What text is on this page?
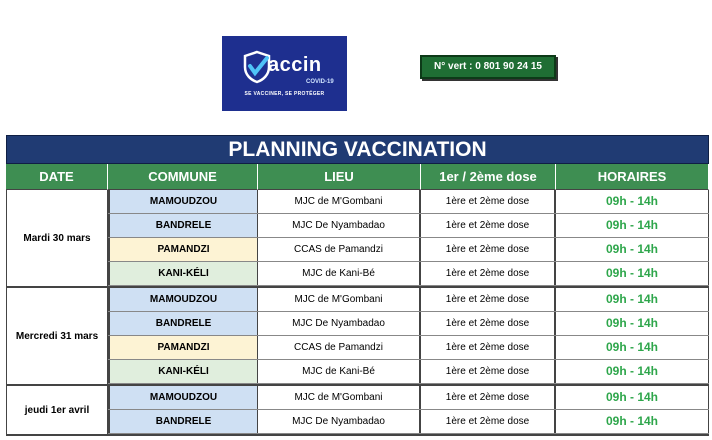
accin
COVID-19
SE VACCINER, SE PROTÉGER
N° vert : 0 801 90 24 15
PLANNING VACCINATION
DATE	COMMUNE	LIEU	1er / 2ème dose	HORAIRES
Mardi 30 mars
MAMOUDZOU	MJC de M'Gombani	1ère et 2ème dose	09h - 14h
BANDRELE	MJC De Nyambadao	1ère et 2ème dose	09h - 14h
PAMANDZI	CCAS de Pamandzi	1ère et 2ème dose	09h - 14h
KANI-KÉLI	MJC de Kani-Bé	1ère et 2ème dose	09h - 14h
Mercredi 31 mars
MAMOUDZOU	MJC de M'Gombani	1ère et 2ème dose	09h - 14h
BANDRELE	MJC De Nyambadao	1ère et 2ème dose	09h - 14h
PAMANDZI	CCAS de Pamandzi	1ère et 2ème dose	09h - 14h
KANI-KÉLI	MJC de Kani-Bé	1ère et 2ème dose	09h - 14h
jeudi 1er avril
MAMOUDZOU	MJC de M'Gombani	1ère et 2ème dose	09h - 14h
BANDRELE	MJC De Nyambadao	1ère et 2ème dose	09h - 14h
